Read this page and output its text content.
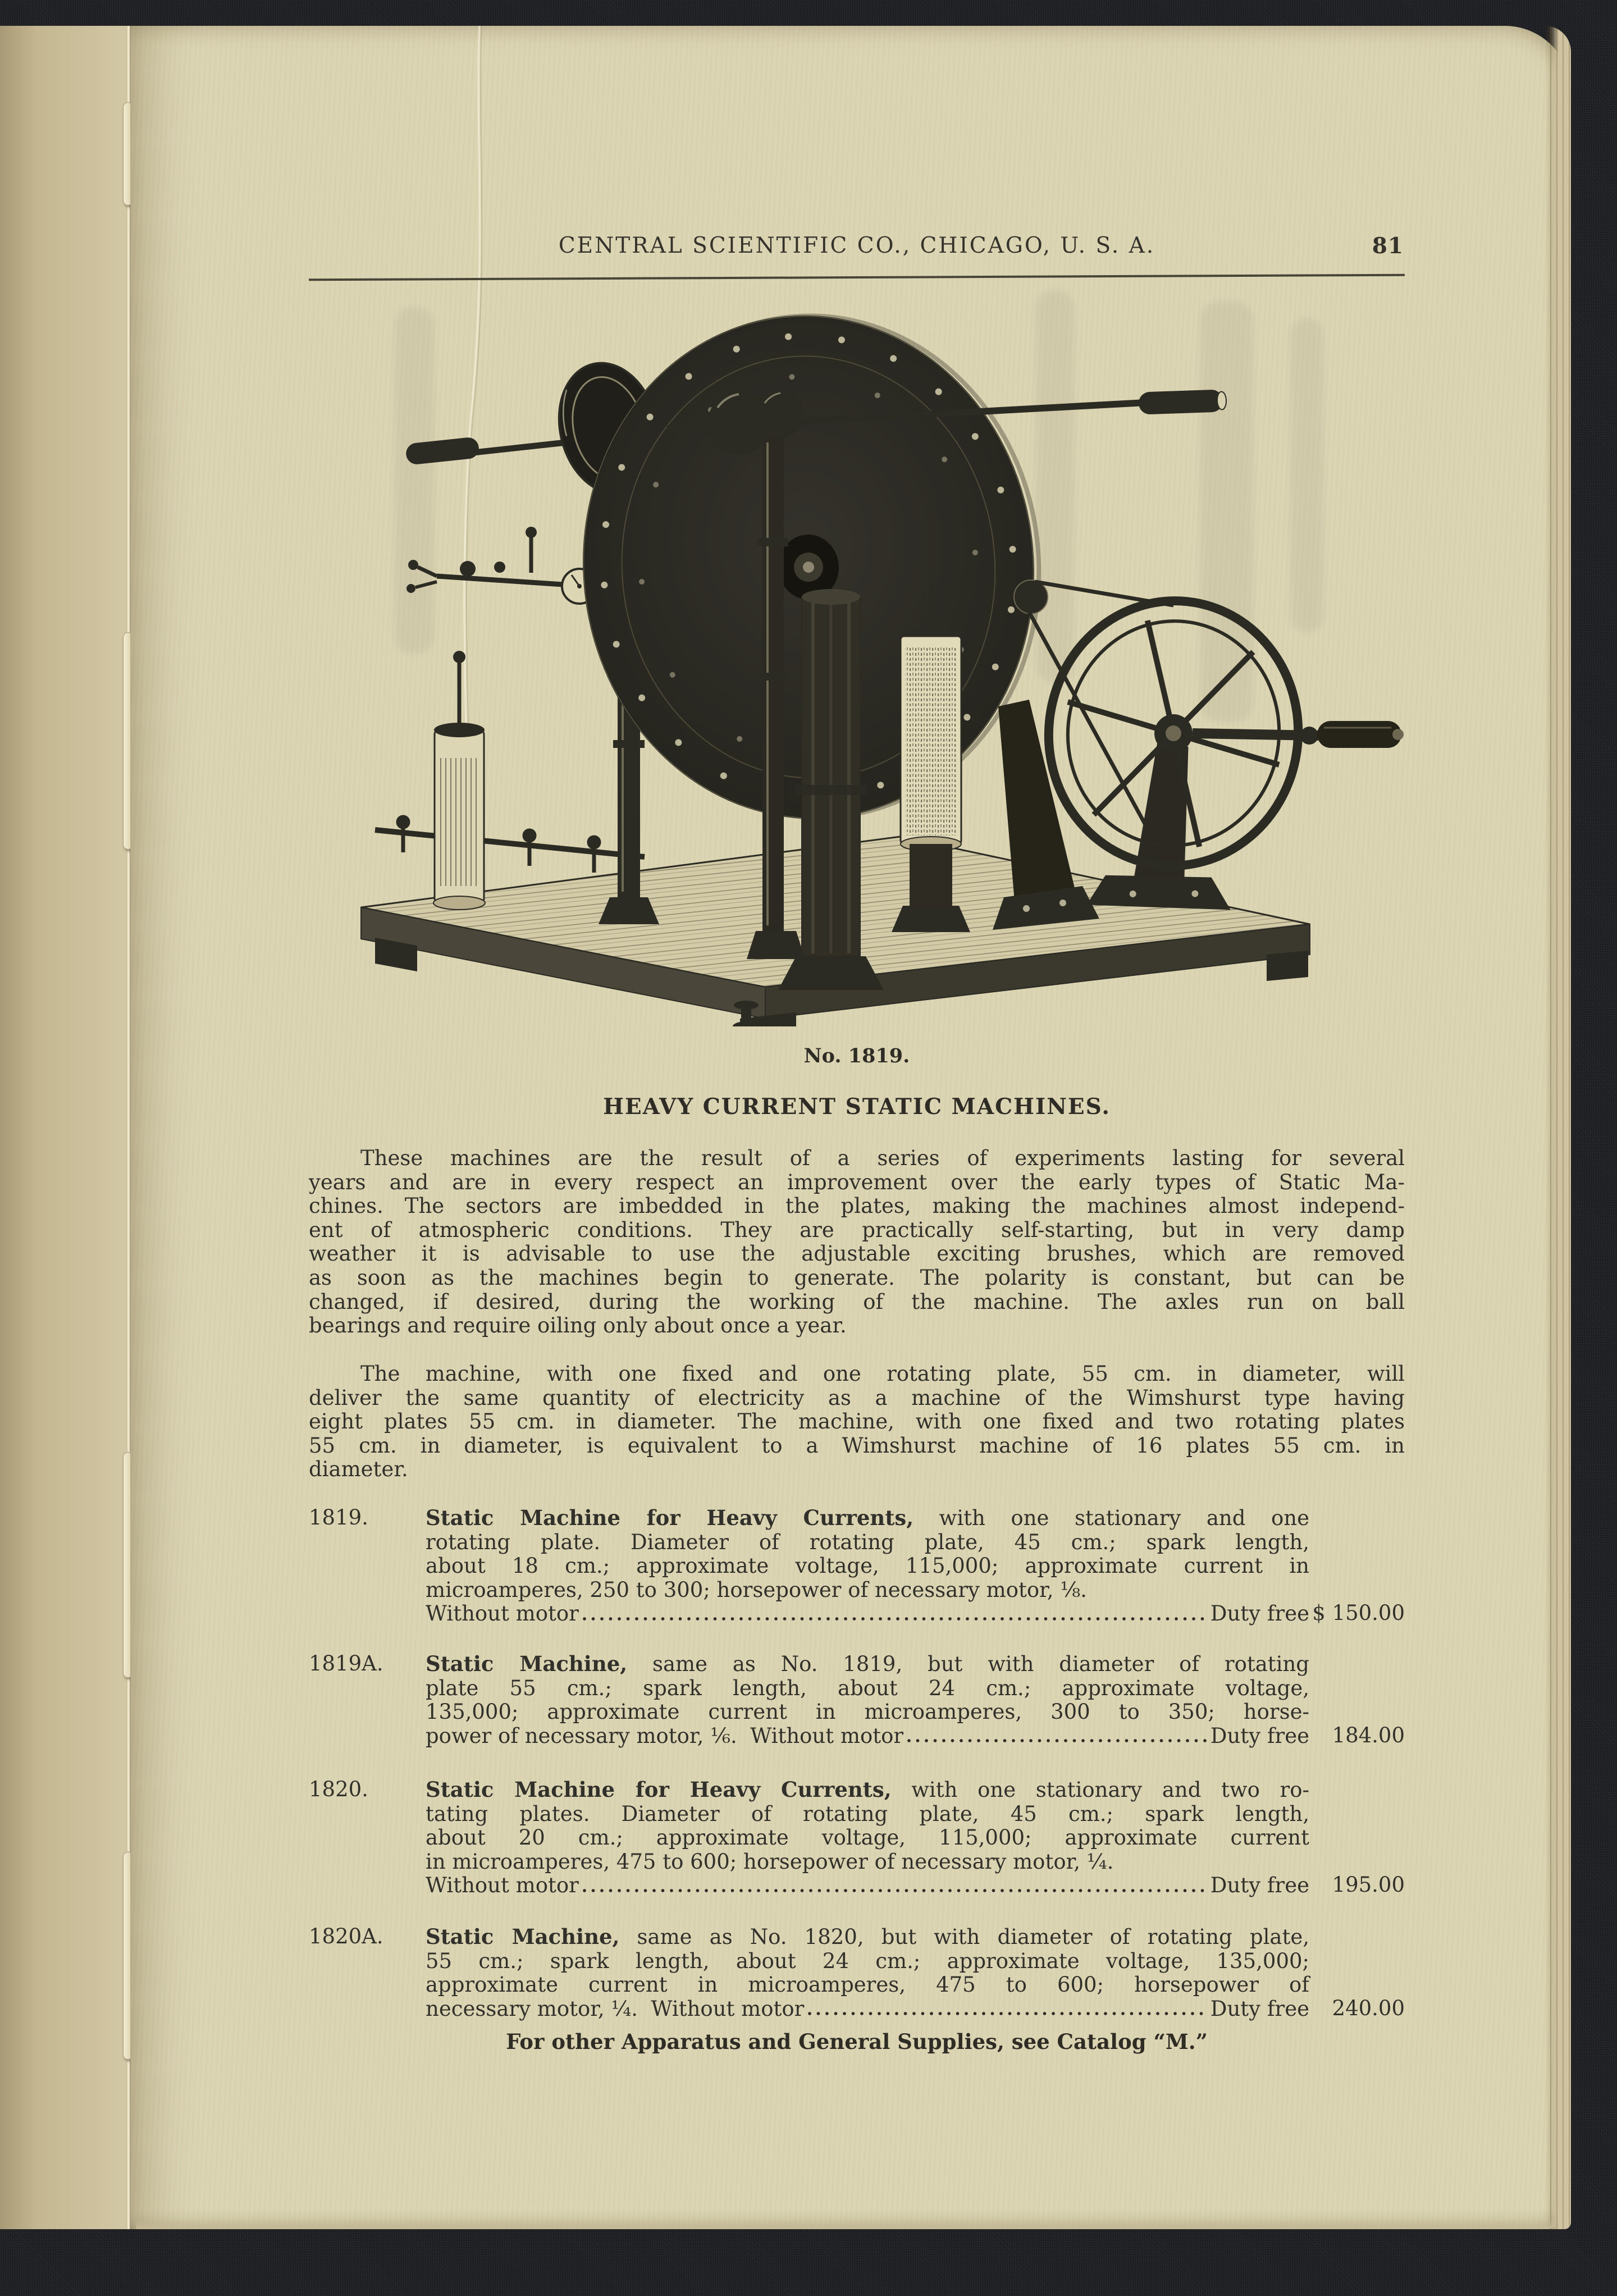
CENTRAL SCIENTIFIC CO., CHICAGO, U. S. A.	81
No. 1819.
HEAVY CURRENT STATIC MACHINES.
These machines are the result of a series of experiments lasting for several
years and are in every respect an improvement over the early types of Static Ma-
chines. The sectors are imbedded in the plates, making the machines almost independ-
ent of atmospheric conditions. They are practically self-starting, but in very damp
weather it is advisable to use the adjustable exciting brushes, which are removed
as soon as the machines begin to generate. The polarity is constant, but can be
changed, if desired, during the working of the machine. The axles run on ball
bearings and require oiling only about once a year.
The machine, with one fixed and one rotating plate, 55 cm. in diameter, will
deliver the same quantity of electricity as a machine of the Wimshurst type having
eight plates 55 cm. in diameter. The machine, with one fixed and two rotating plates
55 cm. in diameter, is equivalent to a Wimshurst machine of 16 plates 55 cm. in
diameter.
1819.	Static Machine for Heavy Currents, with one stationary and one
rotating plate. Diameter of rotating plate, 45 cm.; spark length,
about 18 cm.; approximate voltage, 115,000; approximate current in
microamperes, 250 to 300; horsepower of necessary motor, ⅛.
Without motor	Duty free $ 150.00
1819A.	Static Machine, same as No. 1819, but with diameter of rotating
plate 55 cm.; spark length, about 24 cm.; approximate voltage,
135,000; approximate current in microamperes, 300 to 350; horse-
power of necessary motor, ⅙.  Without motor	Duty free	184.00
1820.	Static Machine for Heavy Currents, with one stationary and two ro-
tating plates. Diameter of rotating plate, 45 cm.; spark length,
about 20 cm.; approximate voltage, 115,000; approximate current
in microamperes, 475 to 600; horsepower of necessary motor, ¼.
Without motor	Duty free	195.00
1820A.	Static Machine, same as No. 1820, but with diameter of rotating plate,
55 cm.; spark length, about 24 cm.; approximate voltage, 135,000;
approximate current in microamperes, 475 to 600; horsepower of
necessary motor, ¼.  Without motor	Duty free	240.00
For other Apparatus and General Supplies, see Catalog “M.”
